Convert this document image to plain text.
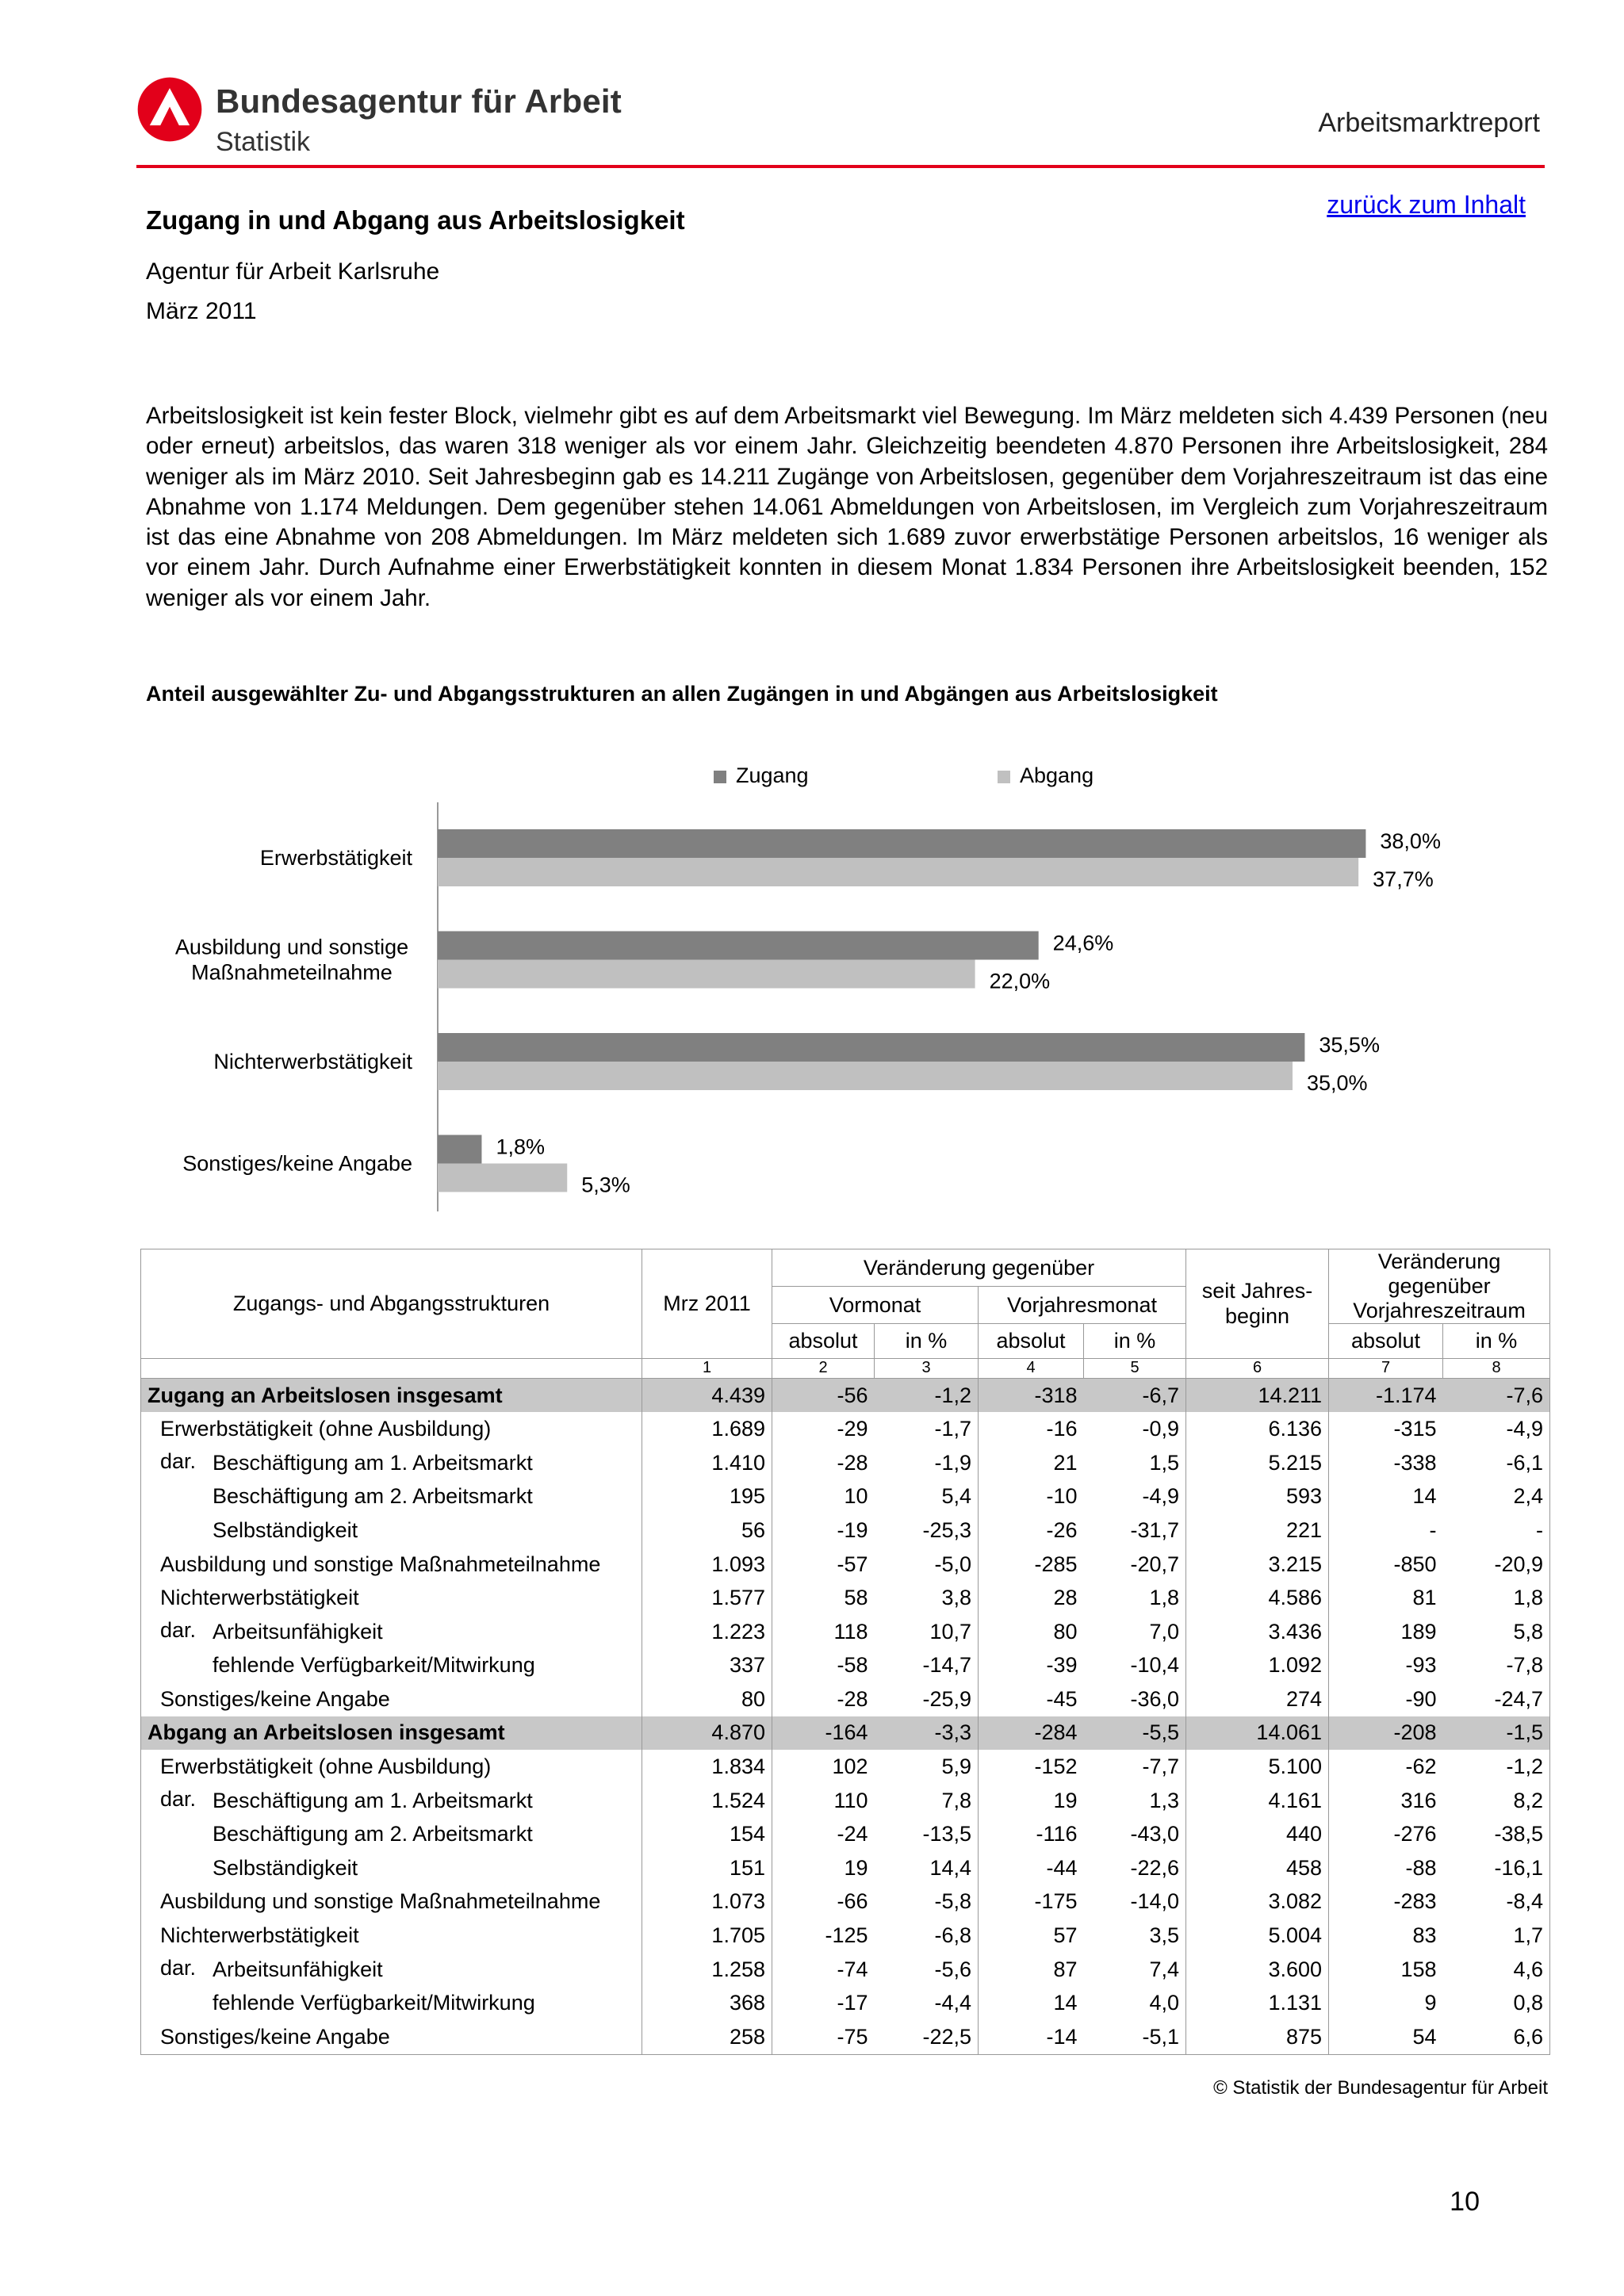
Bundesagentur für Arbeit
Statistik
Arbeitsmarktreport
zurück zum Inhalt
Zugang in und Abgang aus Arbeitslosigkeit
Agentur für Arbeit Karlsruhe
März 2011

Arbeitslosigkeit ist kein fester Block, vielmehr gibt es auf dem Arbeitsmarkt viel Bewegung. Im März meldeten sich 4.439 Personen (neu oder erneut) arbeitslos, das waren 318 weniger als vor einem Jahr. Gleichzeitig beendeten 4.870 Personen ihre Arbeitslosigkeit, 284 weniger als im März 2010. Seit Jahresbeginn gab es 14.211 Zugänge von Arbeitslosen, gegenüber dem Vorjahreszeitraum ist das eine Abnahme von 1.174 Meldungen. Dem gegenüber stehen 14.061 Abmeldungen von Arbeitslosen, im Vergleich zum Vorjahreszeitraum ist das eine Abnahme von 208 Abmeldungen. Im März meldeten sich 1.689 zuvor erwerbstätige Personen arbeitslos, 16 weniger als vor einem Jahr. Durch Aufnahme einer Erwerbstätigkeit konnten in diesem Monat 1.834 Personen ihre Arbeitslosigkeit beenden, 152 weniger als vor einem Jahr.

Anteil ausgewählter Zu- und Abgangsstrukturen an allen Zugängen in und Abgängen aus Arbeitslosigkeit
Zugang	Abgang
38,0%
37,7%
Erwerbstätigkeit
24,6%
22,0%
Ausbildung und sonstige
Maßnahmeteilnahme
35,5%
35,0%
Nichterwerbstätigkeit
1,8%
5,3%
Sonstiges/keine Angabe
Zugangs- und Abgangsstrukturen	Mrz 2011	Veränderung gegenüber				seit Jahres-beginn	Veränderung gegenüber Vorjahreszeitraum	
		Vormonat		Vorjahresmonat				
		absolut	in %	absolut	in %		absolut	in %
	1	2	3	4	5	6	7	8
Zugang an Arbeitslosen insgesamt	4.439	-56	-1,2	-318	-6,7	14.211	-1.174	-7,6
Erwerbstätigkeit (ohne Ausbildung)	1.689	-29	-1,7	-16	-0,9	6.136	-315	-4,9

dar. Beschäftigung am 1. Arbeitsmarkt	1.410	-28	-1,9	21	1,5	5.215	-338	-6,1
Beschäftigung am 2. Arbeitsmarkt	195	10	5,4	-10	-4,9	593	14	2,4
Selbständigkeit	56	-19	-25,3	-26	-31,7	221	-	-
Ausbildung und sonstige Maßnahmeteilnahme	1.093	-57	-5,0	-285	-20,7	3.215	-850	-20,9
Nichterwerbstätigkeit	1.577	58	3,8	28	1,8	4.586	81	1,8

dar. Arbeitsunfähigkeit	1.223	118	10,7	80	7,0	3.436	189	5,8
fehlende Verfügbarkeit/Mitwirkung	337	-58	-14,7	-39	-10,4	1.092	-93	-7,8
Sonstiges/keine Angabe	80	-28	-25,9	-45	-36,0	274	-90	-24,7
Abgang an Arbeitslosen insgesamt	4.870	-164	-3,3	-284	-5,5	14.061	-208	-1,5
Erwerbstätigkeit (ohne Ausbildung)	1.834	102	5,9	-152	-7,7	5.100	-62	-1,2

dar. Beschäftigung am 1. Arbeitsmarkt	1.524	110	7,8	19	1,3	4.161	316	8,2
Beschäftigung am 2. Arbeitsmarkt	154	-24	-13,5	-116	-43,0	440	-276	-38,5
Selbständigkeit	151	19	14,4	-44	-22,6	458	-88	-16,1
Ausbildung und sonstige Maßnahmeteilnahme	1.073	-66	-5,8	-175	-14,0	3.082	-283	-8,4
Nichterwerbstätigkeit	1.705	-125	-6,8	57	3,5	5.004	83	1,7

dar. Arbeitsunfähigkeit	1.258	-74	-5,6	87	7,4	3.600	158	4,6
fehlende Verfügbarkeit/Mitwirkung	368	-17	-4,4	14	4,0	1.131	9	0,8
Sonstiges/keine Angabe	258	-75	-22,5	-14	-5,1	875	54	6,6
© Statistik der Bundesagentur für Arbeit
10
